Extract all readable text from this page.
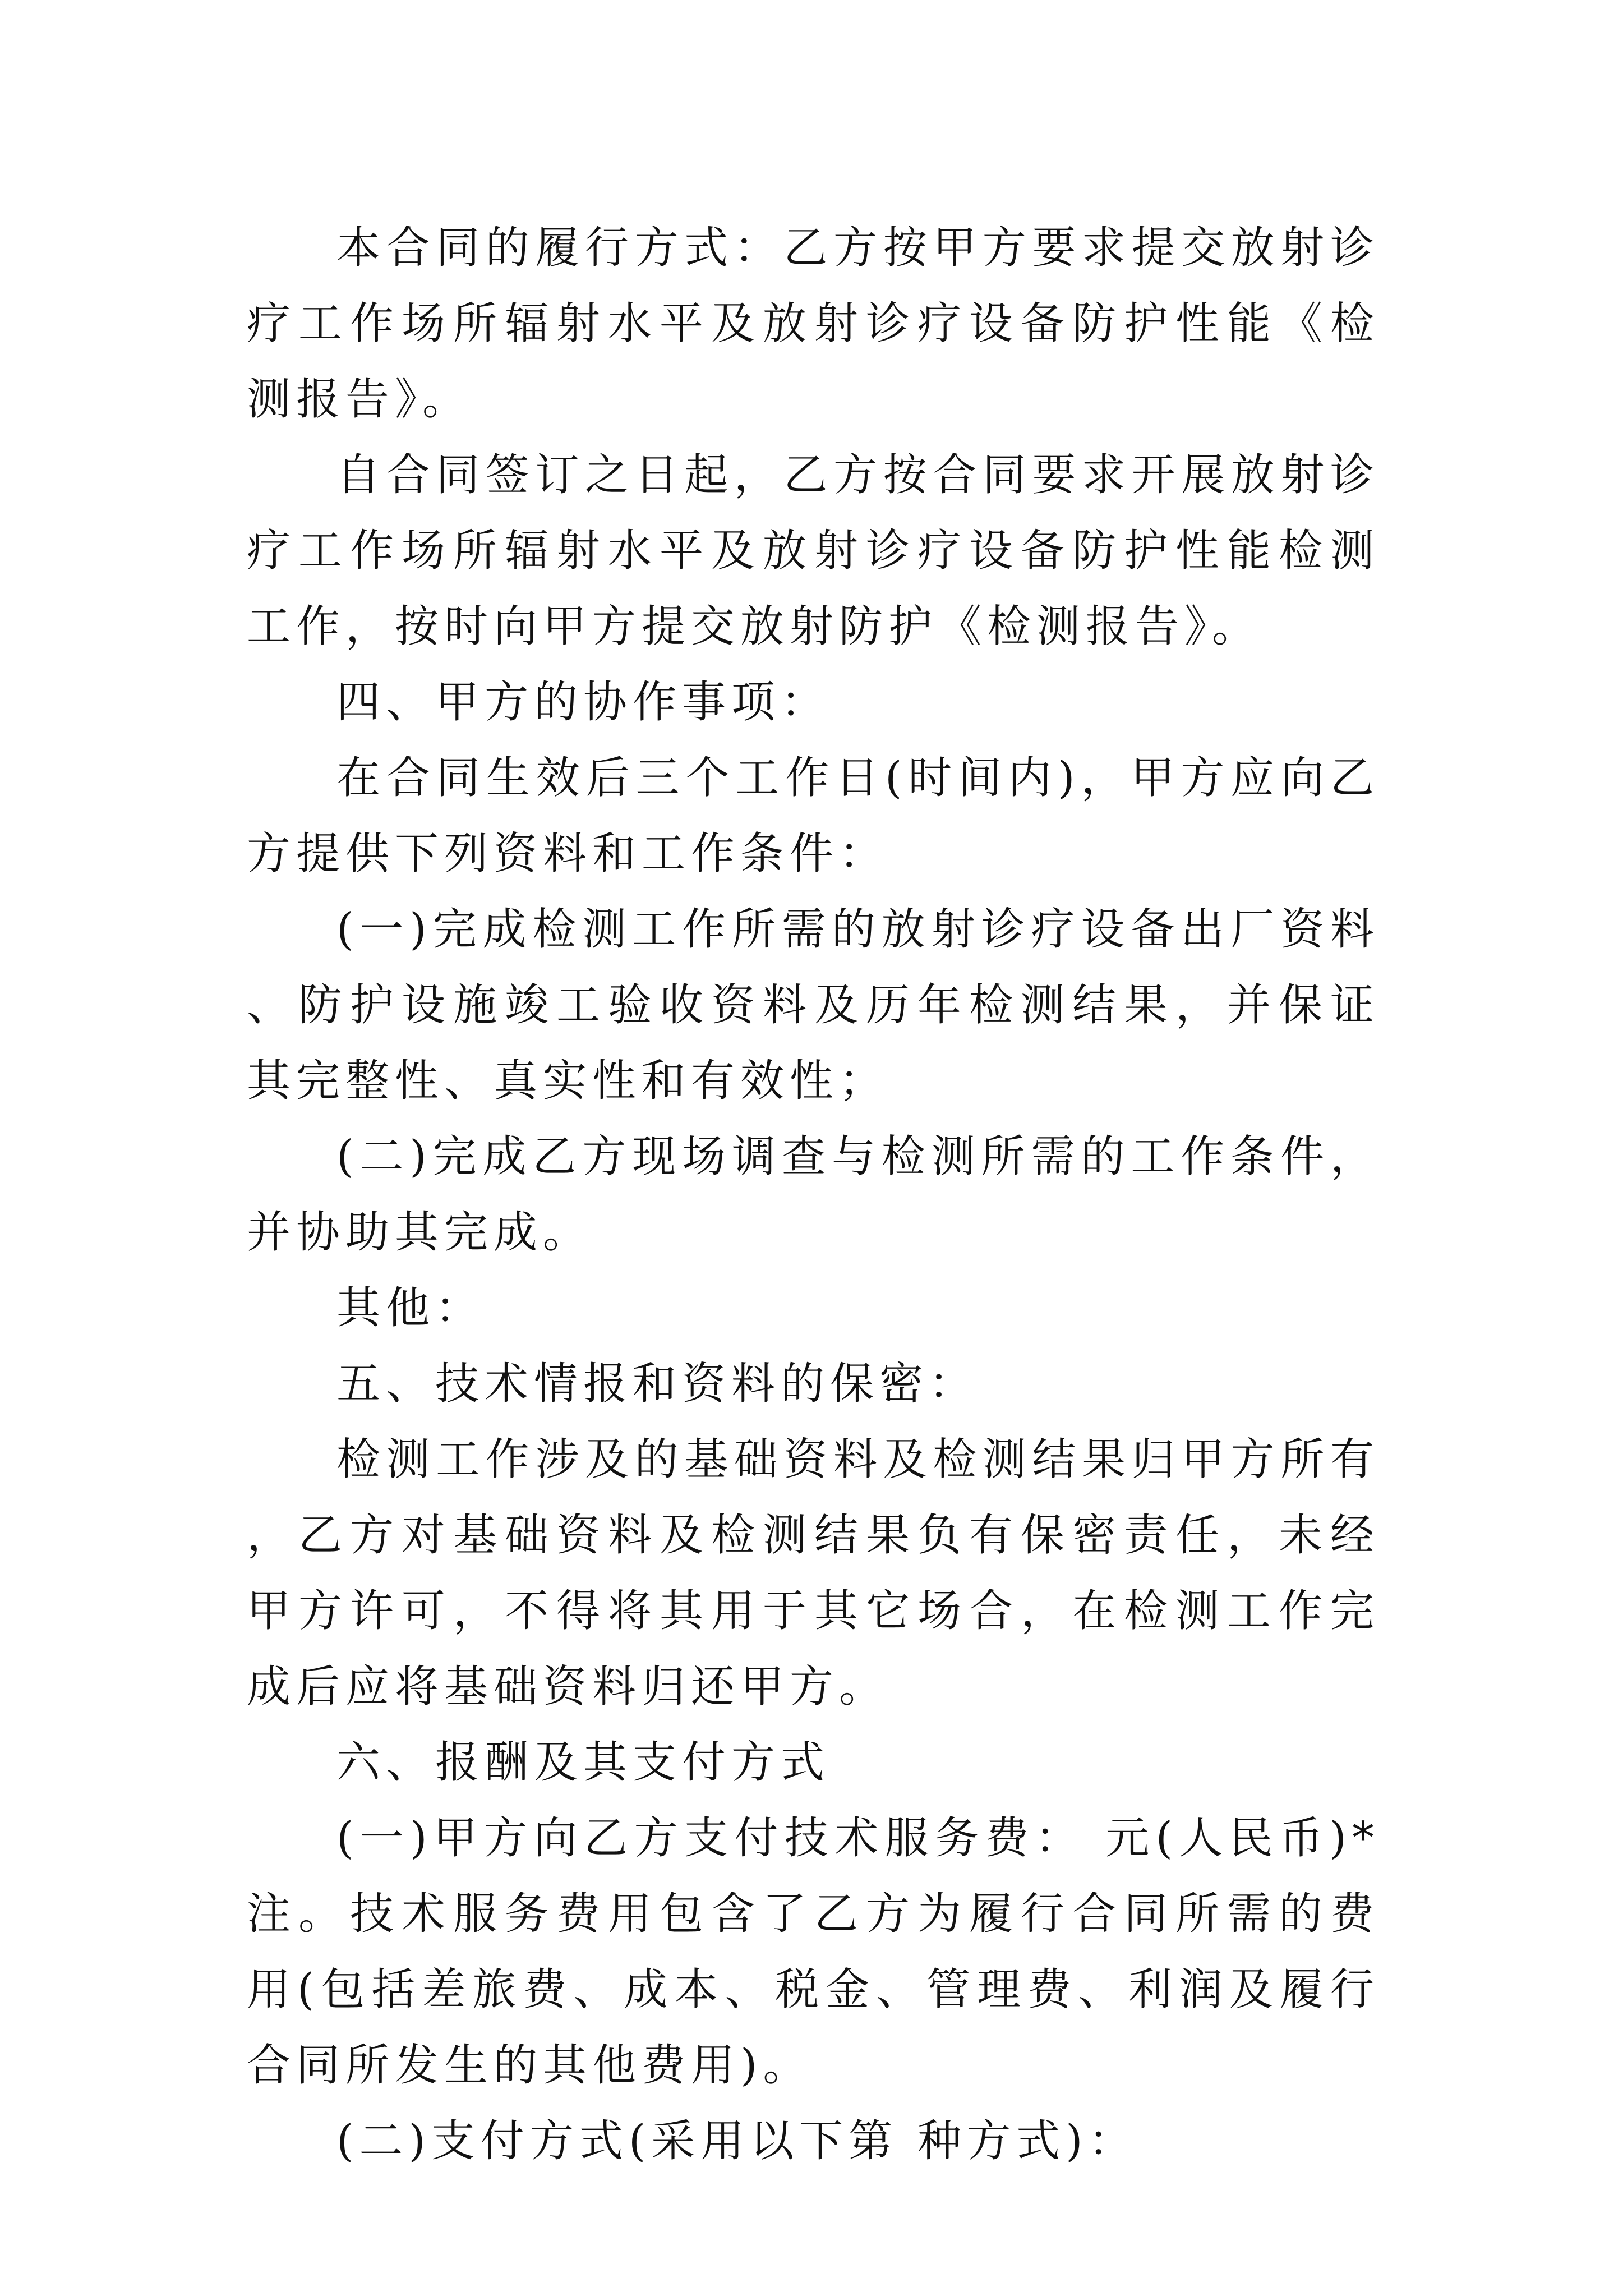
本合同的履行方式：乙方按甲方要求提交放射诊疗工作场所辐射水平及放射诊疗设备防护性能《检测报告》。

自合同签订之日起，乙方按合同要求开展放射诊疗工作场所辐射水平及放射诊疗设备防护性能检测工作，按时向甲方提交放射防护《检测报告》。

四、甲方的协作事项：

在合同生效后三个工作日(时间内)，甲方应向乙方提供下列资料和工作条件：

(一)完成检测工作所需的放射诊疗设备出厂资料、防护设施竣工验收资料及历年检测结果，并保证其完整性、真实性和有效性；

(二)完成乙方现场调查与检测所需的工作条件，并协助其完成。

其他：

五、技术情报和资料的保密：

检测工作涉及的基础资料及检测结果归甲方所有，乙方对基础资料及检测结果负有保密责任，未经甲方许可，不得将其用于其它场合，在检测工作完成后应将基础资料归还甲方。

六、报酬及其支付方式

(一)甲方向乙方支付技术服务费： 元(人民币)*注。技术服务费用包含了乙方为履行合同所需的费用(包括差旅费、成本、税金、管理费、利润及履行合同所发生的其他费用)。

(二)支付方式(采用以下第 种方式)：
